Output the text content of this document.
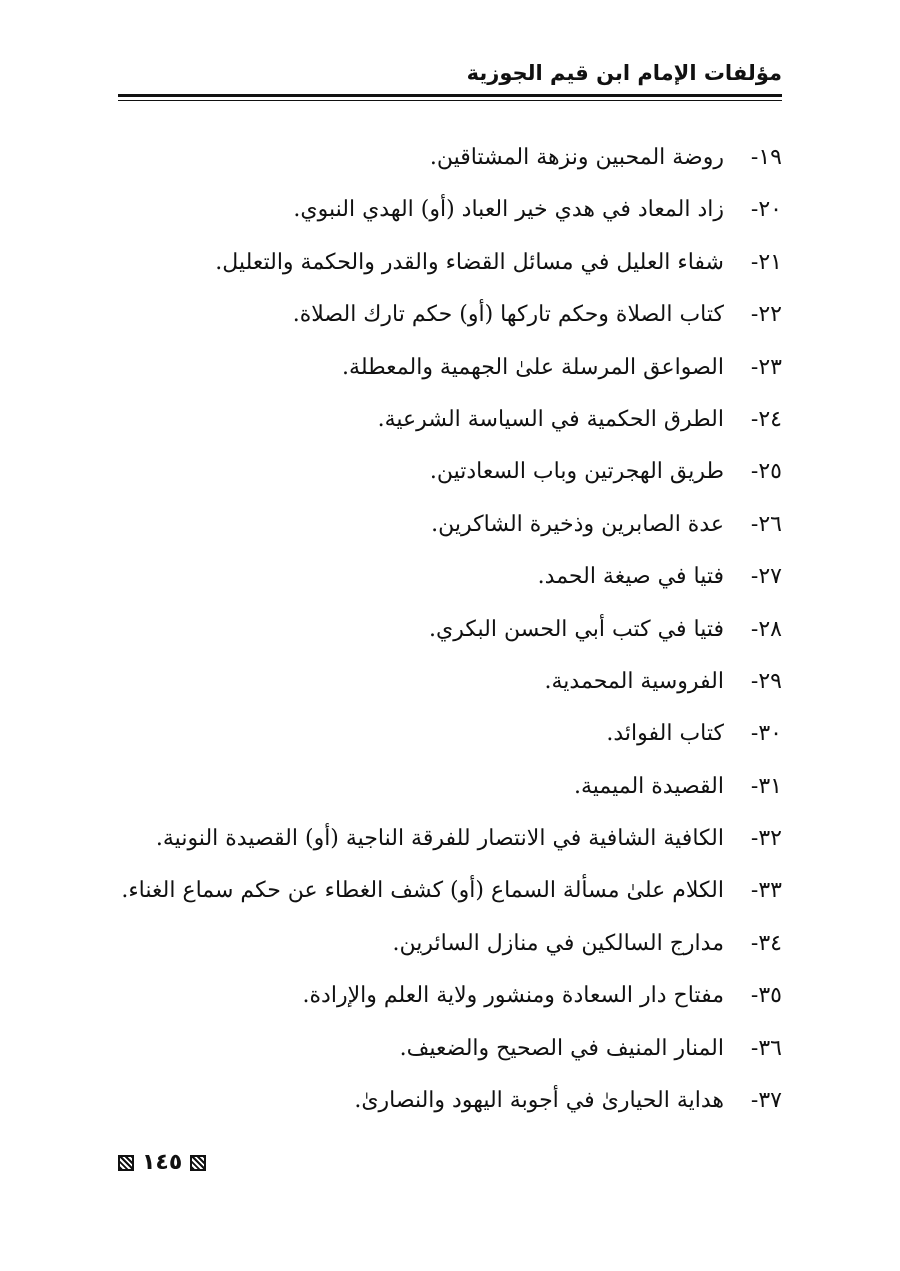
مؤلفات الإمام ابن قيم الجوزية
١٩-
روضة المحبين ونزهة المشتاقين.
٢٠-
زاد المعاد في هدي خير العباد (أو) الهدي النبوي.
٢١-
شفاء العليل في مسائل القضاء والقدر والحكمة والتعليل.
٢٢-
كتاب الصلاة وحكم تاركها (أو) حكم تارك الصلاة.
٢٣-
الصواعق المرسلة علىٰ الجهمية والمعطلة.
٢٤-
الطرق الحكمية في السياسة الشرعية.
٢٥-
طريق الهجرتين وباب السعادتين.
٢٦-
عدة الصابرين وذخيرة الشاكرين.
٢٧-
فتيا في صيغة الحمد.
٢٨-
فتيا في كتب أبي الحسن البكري.
٢٩-
الفروسية المحمدية.
٣٠-
كتاب الفوائد.
٣١-
القصيدة الميمية.
٣٢-
الكافية الشافية في الانتصار للفرقة الناجية (أو) القصيدة النونية.
٣٣-
الكلام علىٰ مسألة السماع (أو) كشف الغطاء عن حكم سماع الغناء.
٣٤-
مدارج السالكين في منازل السائرين.
٣٥-
مفتاح دار السعادة ومنشور ولاية العلم والإرادة.
٣٦-
المنار المنيف في الصحيح والضعيف.
٣٧-
هداية الحيارىٰ في أجوبة اليهود والنصارىٰ.
١٤٥
